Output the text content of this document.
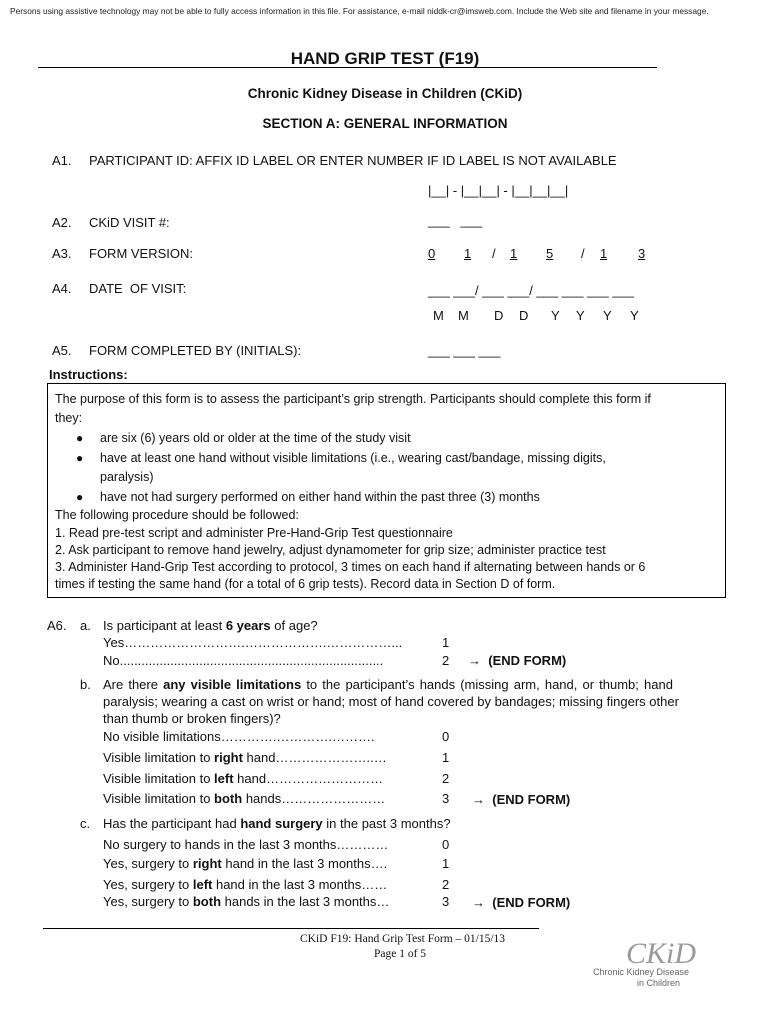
Persons using assistive technology may not be able to fully access information in this file. For assistance, e-mail niddk-cr@imsweb.com. Include the Web site and filename in your message.
HAND GRIP TEST (F19)
Chronic Kidney Disease in Children (CKiD)
SECTION A: GENERAL INFORMATION
A1. PARTICIPANT ID: AFFIX ID LABEL OR ENTER NUMBER IF ID LABEL IS NOT AVAILABLE
|__| - |__|__| - |__|__|__|
A2. CKiD VISIT #:	___   ___
A3. FORM VERSION:	0 1 / 1 5 / 1 3
A4. DATE  OF VISIT:	___ ___/ ___ ___/ ___ ___ ___ ___
M M D D Y Y Y Y
A5. FORM COMPLETED BY (INITIALS):	___ ___ ___
Instructions:
The purpose of this form is to assess the participant’s grip strength. Participants should complete this form if
they:
● are six (6) years old or older at the time of the study visit
● have at least one hand without visible limitations (i.e., wearing cast/bandage, missing digits,
paralysis)
● have not had surgery performed on either hand within the past three (3) months
The following procedure should be followed:
1. Read pre-test script and administer Pre-Hand-Grip Test questionnaire
2. Ask participant to remove hand jewelry, adjust dynamometer for grip size; administer practice test
3. Administer Hand-Grip Test according to protocol, 3 times on each hand if alternating between hands or 6
times if testing the same hand (for a total of 6 grip tests). Record data in Section D of form.
A6. a. Is participant at least 6 years of age?
Yes……………………….……………….……………...	1
No.........................................................................	2 → (END FORM)
b. Are there any visible limitations to the participant’s hands (missing arm, hand, or thumb; hand
paralysis; wearing a cast on wrist or hand; most of hand covered by bandages; missing fingers other
than thumb or broken fingers)?
No visible limitations………….………….……….	0
Visible limitation to right hand…………………..…	1
Visible limitation to left hand………………………	2
Visible limitation to both hands……………………	3 → (END FORM)
c. Has the participant had hand surgery in the past 3 months?
No surgery to hands in the last 3 months…………	0
Yes, surgery to right hand in the last 3 months….	1
Yes, surgery to left hand in the last 3 months……	2
Yes, surgery to both hands in the last 3 months…	3 → (END FORM)
CKiD F19: Hand Grip Test Form – 01/15/13
Page 1 of 5	CKiD
Chronic Kidney Disease
in Children
